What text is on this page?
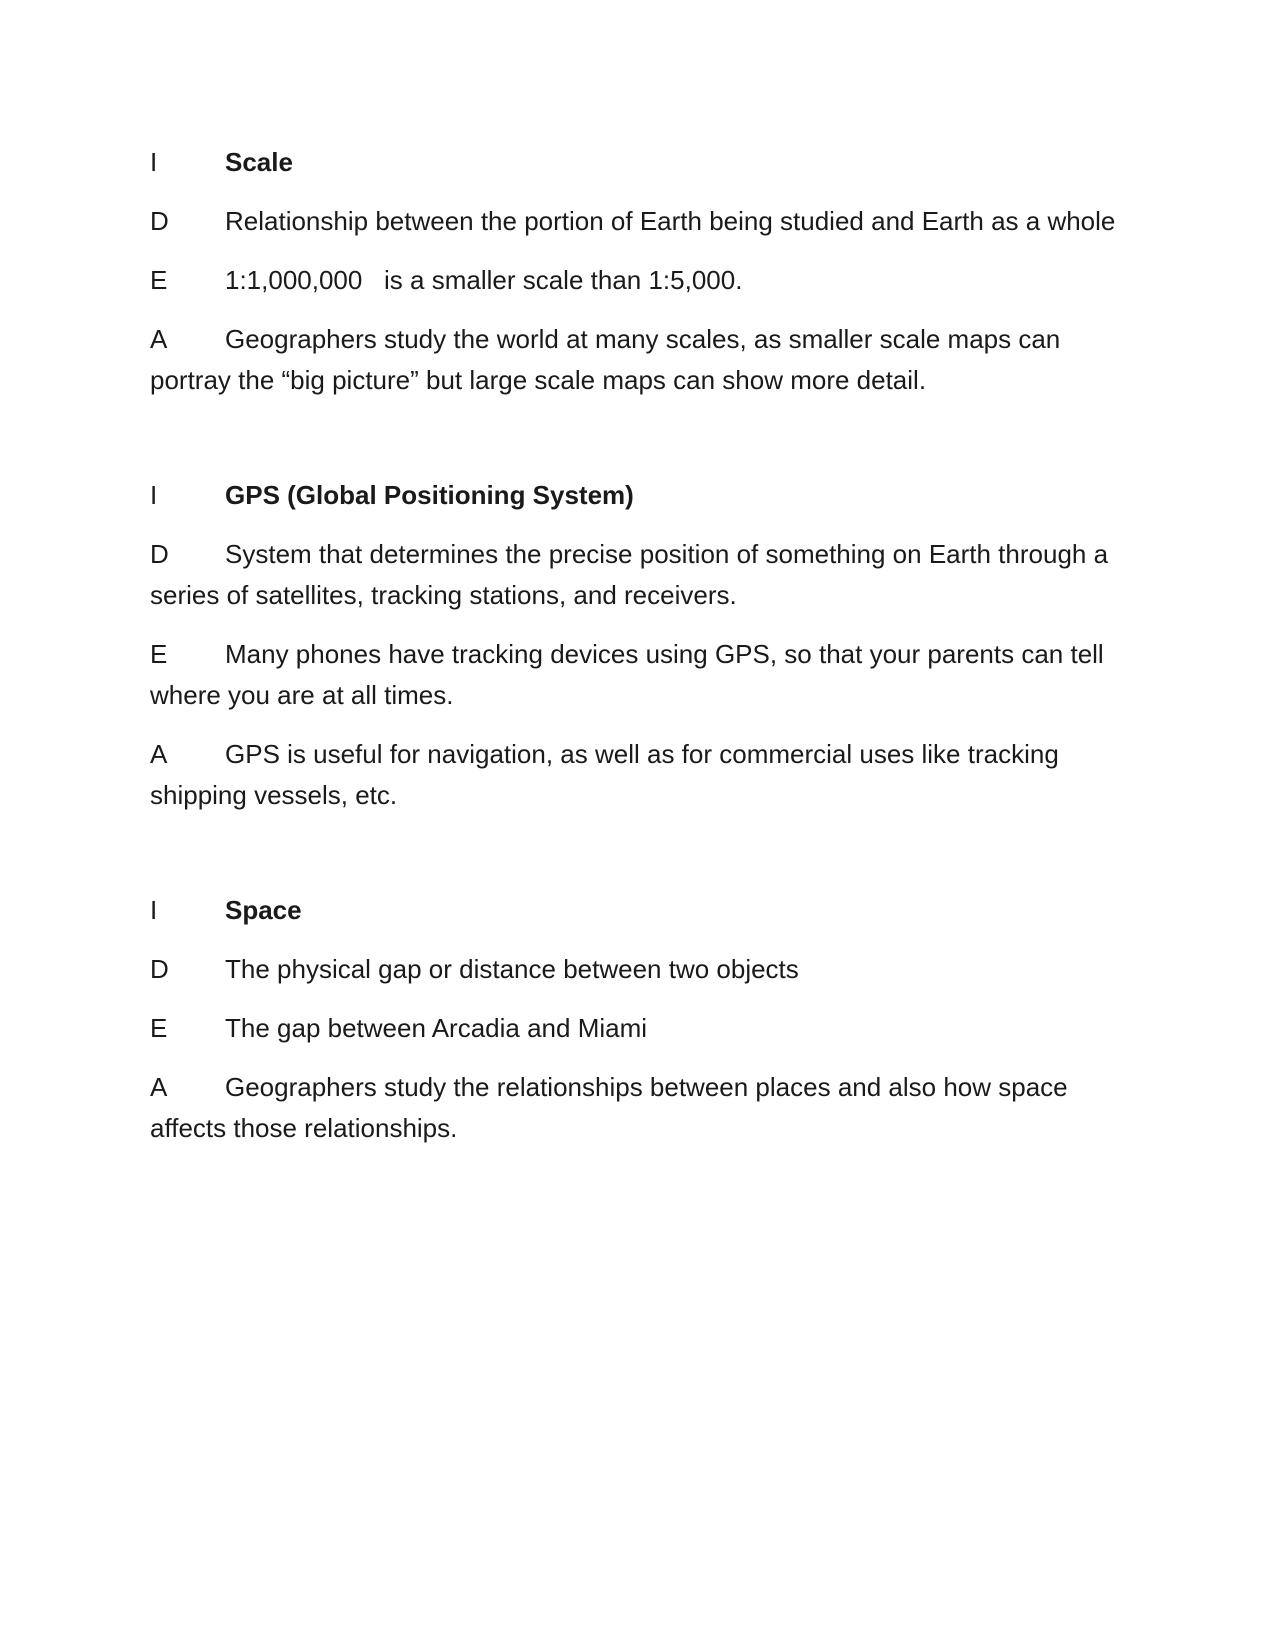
I	Scale

D Relationship between the portion of Earth being studied and Earth as a whole

E 1:1,000,000   is a smaller scale than 1:5,000.

A Geographers study the world at many scales, as smaller scale maps can portray the “big picture” but large scale maps can show more detail.

I	GPS (Global Positioning System)

D System that determines the precise position of something on Earth through a series of satellites, tracking stations, and receivers.

E Many phones have tracking devices using GPS, so that your parents can tell where you are at all times.

A GPS is useful for navigation, as well as for commercial uses like tracking shipping vessels, etc.

I	Space

D The physical gap or distance between two objects

E The gap between Arcadia and Miami

A Geographers study the relationships between places and also how space affects those relationships.
